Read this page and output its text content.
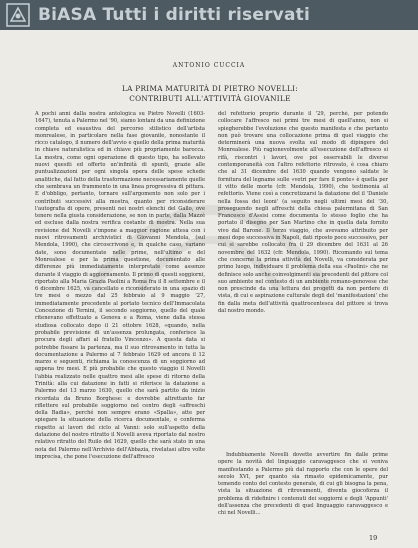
BiASA Tutti i diritti riservati
ANTONIO CUCCIA
LA PRIMA MATURITÀ DI PIETRO NOVELLI:
CONTRIBUTI ALL'ATTIVITÀ GIOVANILE

A pochi anni dalla nostra antologica su Pietro Novelli (1603-1647), tenuta a Palermo nel '90, siamo lontani da una definizione completa ed esaustiva del percorso stilistico dell'artista monrealese, in particolare nella fase giovanile, nonostante il ricco catalogo, il numero dell'avvio e quello della prima maturità in chiave naturalistica ed in chiave più propriamente barocca. La mostra, come ogni operazione di questo tipo, ha sollevato nuovi quesiti ed offerto un'infinità di spunti, grazie alle puntualizzazioni per ogni singola opera delle spese schede analitiche, dal fatto della trasformazione necessariamente quelle che sembrava un frammento in una linea progressiva di pittura. E d'obbligo, pertanto, tornare sull'argomento non solo per i contributi successivi alla mostra, quanto per riconsiderare l'autografia di opere, presenti nei nostri elenchi del Gallo, ove tenere nella giusta considerazione, se non in parte, dalla Mazzè ed escluse dalla nostra verifica costante di mostra. Nella sua revisione del Novelli s'impone a maggior ragione attesa con i nuovi ritrovamenti archivistici di Giovanni Mendola, (sul Mendola, 1990), che circoscrivono e, in qualche caso, variano date, sono documentate nelle prime, nell'ultimo e del Monrealese e per la prima questione, documentato alle differenze più immediatamente interpretate come assenze durante il viaggio di aggiornamento. Il primo di questi soggiorni, riportato alla Maria Grazia Paolini a Roma fra il 8 settembre e il 6 dicembre 1625, va cancellato e riconsiderato in una spazio di tre mesi o mezzo dal 25 febbraio al 9 maggio '27, immediatamente precedente al portato tecnico dell'Immacolata Concezione di Ternini, il secondo soggiorno, quello del quale ritenevano effettuato a Genova e a Roma, viene dalla stessa studiosa collocato dopo il 21 ottobre 1628, «quando, nella probabile previsione di un'assenza prolungata, conferisce la procura degli affari al fratello Vincenzo». A questa data si potrebbe fissare la partenza, ma il suo ritrovamento in tutta la documentazione a Palermo al 7 febbraio 1629 ed ancora il 12 marzo e seguenti, richiama la conoscenza di un soggiorno ad appena tre mesi. E più probabile che questo viaggio il Novelli l'abbia realizzato nelle quattro mesi alle spese di ritorno della Trinità: alla cui datazione in fatti si riferisce la datazione a Palermo del 13 marzo 1630, quello che sarà partito da inizio ricordata da Bruno Borghese: e dovrebbe altrettanto far riflettere sul probabile soggiorno nel centro degli «affreschi della Badia», perché non sempre erano «Spalla», atte per spiegare la situazione della ricerca documentale, e conferma rispetto ai lavori del ciclo al Vanni: solo sull'aspetto della datazione del nostro ritratto il Novelli aveva riportato dal nostro relativo ritratto del Ruilo del 1629, quello che sarà stato in una nota del Palermo nell'Archivio dell'Abbazia, rivelatasi altre volte imprecisa, che pone l'esecuzione dell'affresco

del refettorio proprio durante il '29, perché, per potendo collocare l'affresco nei primi tre mesi di quell'anno, non si spiegherebbe l'evoluzione che questo manifesta e che pertanto non può trovare una collocazione prima di quel viaggio che determinerà una nuova svolta sul modo di dipingere del Monrealese. Più ragionevolmente all'esecuzione dell'affresco si rifà, riscontri i lavori, ove poi osservabili le diverse contemporaneità con l'altro refettorio ritrovato, è cosa chiaro che al 31 dicembre del 1630 quando vengono saldate le fornitura del legname sulle «vetri per fare il ponte» è quella per il vitto delle morte (cfr. Mendola, 1990), che testimonia al refettorio. Viene così a concretizzarsi la datazione del il 'Daniele nella fossa dei leoni' (a seguito negli ultimi mesi del '30, proseguendo negli affreschi della chiesa palermitana di San Francesco d'Assisi come documenta lo stesso fogliо che ha portato il disegno per San Martino che in quella data fornito vivo dal Barone. Il terzo viaggio, che avevamo attribuito per mesi dopo successiva in Napoli, dati ripostо poco successivo, per cui si sarebbe collocato fra il 29 dicembre del 1631 al 26 novembre del 1632 (cfr. Mendola, 1990). Ricomando sul tema che concerne la prima attività del Novelli, va considerata per primo luogo, individuare il problema della sua «Paolini» che ne definisce solo anche coinvolgimenti sia precedenti del pittore col suo ambiente nel contesto di un ambiente romano-genovese che non prescinde da una lettura dei progetti da non perdere di vista, di cui e aspirazione culturale degli del 'manifestazioni' che fin dalla meta dell'attività quattrocentesca del pittore si trova dal nostro mondo.

Indubbiamente Novelli dovette avvertire fin dalle prime opere la novità del linguaggio caravaggesco che si veniva manifestando a Palermo più dal rapporto che con le opere del secolo XVI, per quanto sia rimasto epidemicamente, pur temendo conto del contesto generale, di cui gli bisogna la pena, vista la situazione di ritrovamenti, diventa giocoforza il problema di ridefinire i contenuti dei soggiorni e degli 'Appunti' dell'assenza che precedenti di quel linguaggio caravaggesco e chi nel Novelli...

19
